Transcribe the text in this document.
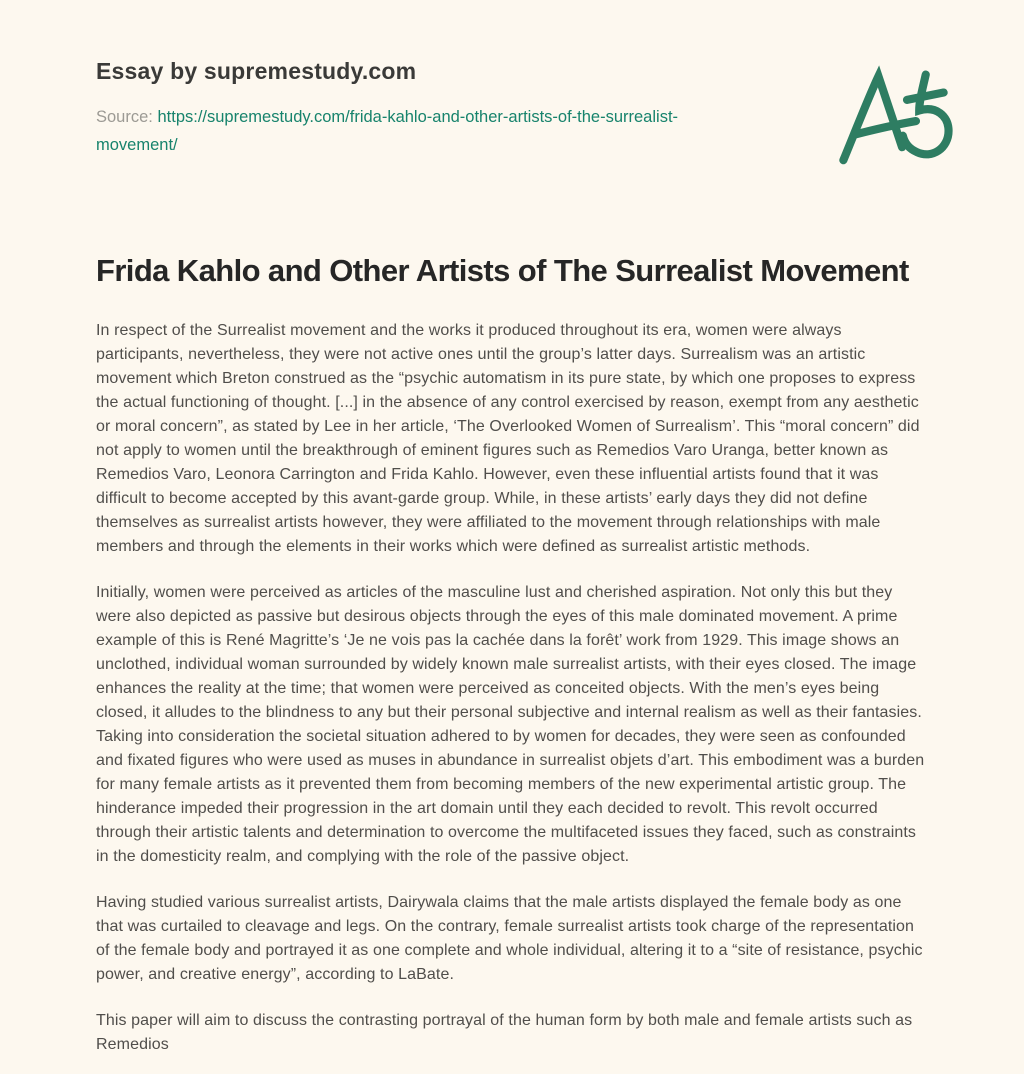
Essay by supremestudy.com
Source: https://supremestudy.com/frida-kahlo-and-other-artists-of-the-surrealist-movement/
Frida Kahlo and Other Artists of The Surrealist Movement

In respect of the Surrealist movement and the works it produced throughout its era, women were always participants, nevertheless, they were not active ones until the group’s latter days. Surrealism was an artistic movement which Breton construed as the “psychic automatism in its pure state, by which one proposes to express the actual functioning of thought. [...] in the absence of any control exercised by reason, exempt from any aesthetic or moral concern”, as stated by Lee in her article, ‘The Overlooked Women of Surrealism’. This “moral concern” did not apply to women until the breakthrough of eminent figures such as Remedios Varo Uranga, better known as Remedios Varo, Leonora Carrington and Frida Kahlo. However, even these influential artists found that it was difficult to become accepted by this avant-garde group. While, in these artists’ early days they did not define themselves as surrealist artists however, they were affiliated to the movement through relationships with male members and through the elements in their works which were defined as surrealist artistic methods.

Initially, women were perceived as articles of the masculine lust and cherished aspiration. Not only this but they were also depicted as passive but desirous objects through the eyes of this male dominated movement. A prime example of this is René Magritte’s ‘Je ne vois pas la cachée dans la forêt’ work from 1929. This image shows an unclothed, individual woman surrounded by widely known male surrealist artists, with their eyes closed. The image enhances the reality at the time; that women were perceived as conceited objects. With the men’s eyes being closed, it alludes to the blindness to any but their personal subjective and internal realism as well as their fantasies. Taking into consideration the societal situation adhered to by women for decades, they were seen as confounded and fixated figures who were used as muses in abundance in surrealist objets d’art. This embodiment was a burden for many female artists as it prevented them from becoming members of the new experimental artistic group. The hinderance impeded their progression in the art domain until they each decided to revolt. This revolt occurred through their artistic talents and determination to overcome the multifaceted issues they faced, such as constraints in the domesticity realm, and complying with the role of the passive object.

Having studied various surrealist artists, Dairywala claims that the male artists displayed the female body as one that was curtailed to cleavage and legs. On the contrary, female surrealist artists took charge of the representation of the female body and portrayed it as one complete and whole individual, altering it to a “site of resistance, psychic power, and creative energy”, according to LaBate.

This paper will aim to discuss the contrasting portrayal of the human form by both male and female artists such as Remedios
